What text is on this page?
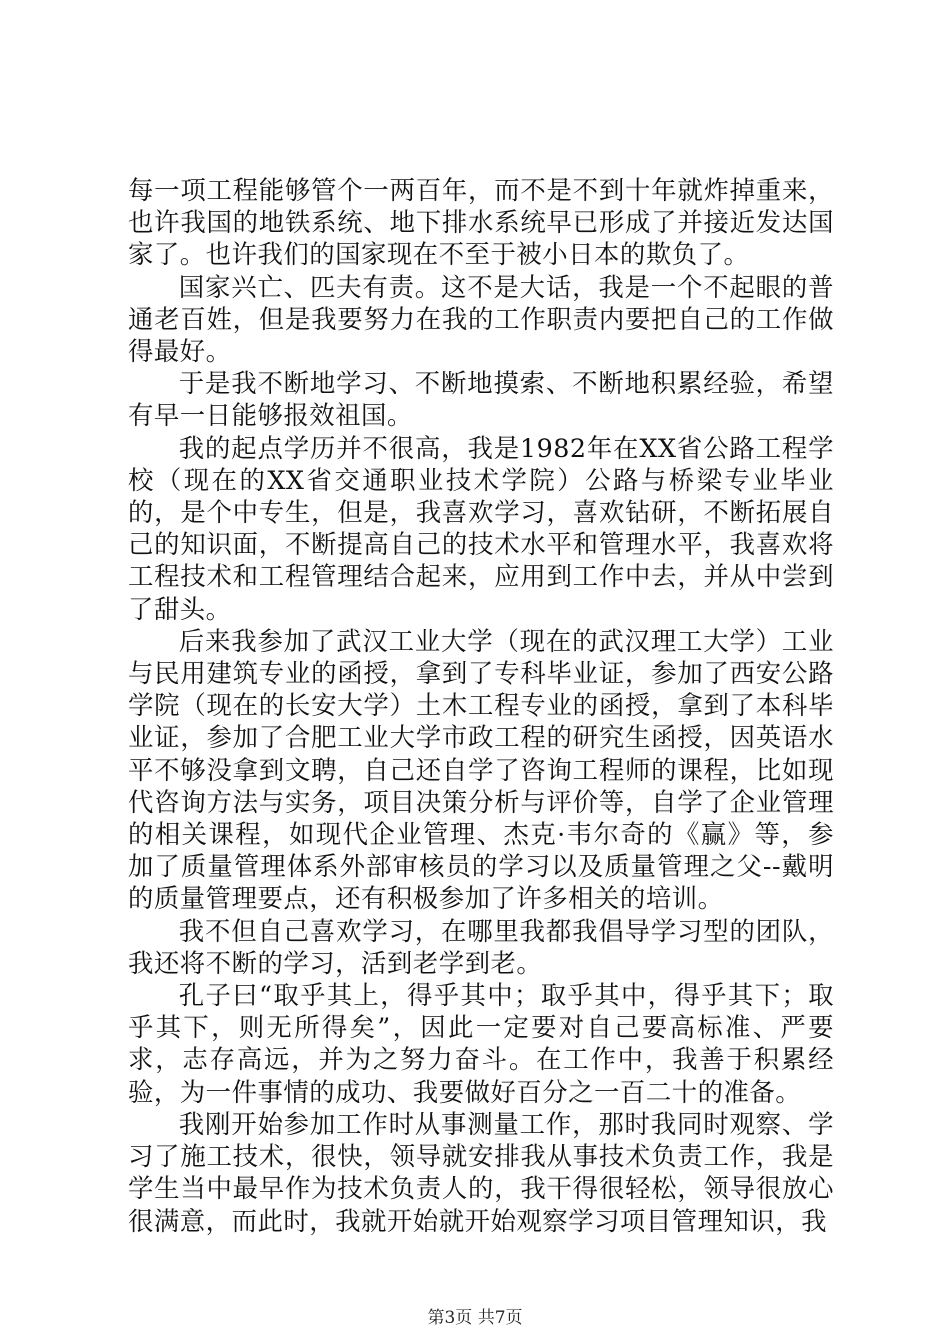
每一项工程能够管个一两百年，而不是不到十年就炸掉重来，也许我国的地铁系统、地下排水系统早已形成了并接近发达国家了。也许我们的国家现在不至于被小日本的欺负了。

国家兴亡、匹夫有责。这不是大话，我是一个不起眼的普通老百姓，但是我要努力在我的工作职责内要把自己的工作做得最好。

于是我不断地学习、不断地摸索、不断地积累经验，希望有早一日能够报效祖国。

我的起点学历并不很高，我是1982年在XX省公路工程学校（现在的XX省交通职业技术学院）公路与桥梁专业毕业的，是个中专生，但是，我喜欢学习，喜欢钻研，不断拓展自己的知识面，不断提高自己的技术水平和管理水平，我喜欢将工程技术和工程管理结合起来，应用到工作中去，并从中尝到了甜头。

后来我参加了武汉工业大学（现在的武汉理工大学）工业与民用建筑专业的函授，拿到了专科毕业证，参加了西安公路学院（现在的长安大学）土木工程专业的函授，拿到了本科毕业证，参加了合肥工业大学市政工程的研究生函授，因英语水平不够没拿到文聘，自己还自学了咨询工程师的课程，比如现代咨询方法与实务，项目决策分析与评价等，自学了企业管理的相关课程，如现代企业管理、杰克·韦尔奇的《赢》等，参加了质量管理体系外部审核员的学习以及质量管理之父--戴明的质量管理要点，还有积极参加了许多相关的培训。

我不但自己喜欢学习，在哪里我都我倡导学习型的团队，我还将不断的学习，活到老学到老。

孔子曰“取乎其上，得乎其中；取乎其中，得乎其下；取乎其下，则无所得矣”，因此一定要对自己要高标准、严要求，志存高远，并为之努力奋斗。在工作中，我善于积累经验，为一件事情的成功、我要做好百分之一百二十的准备。

我刚开始参加工作时从事测量工作，那时我同时观察、学习了施工技术，很快，领导就安排我从事技术负责工作，我是学生当中最早作为技术负责人的，我干得很轻松，领导很放心很满意，而此时，我就开始就开始观察学习项目管理知识，我

第3页 共7页
